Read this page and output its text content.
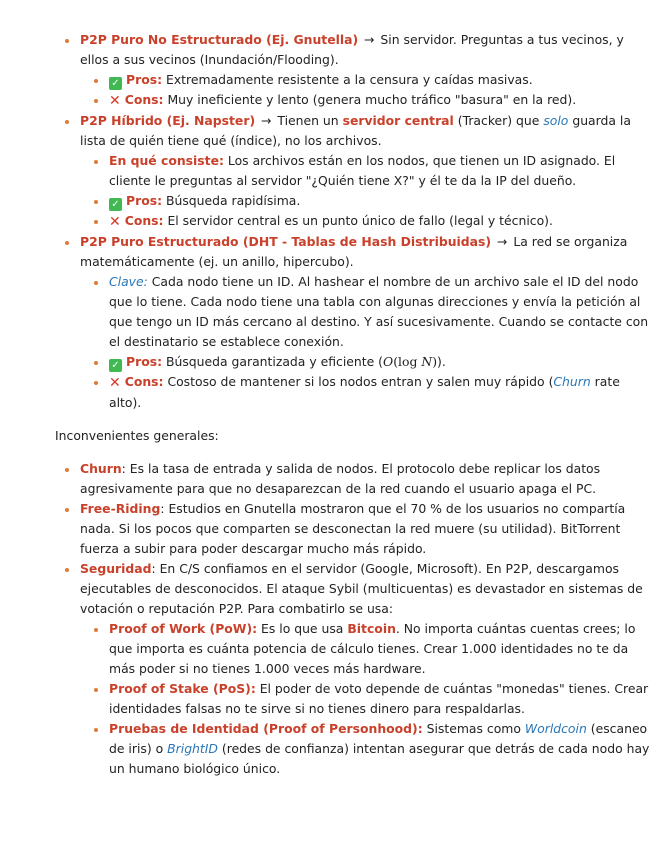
P2P Puro No Estructurado (Ej. Gnutella) → Sin servidor. Preguntas a tus vecinos, y ellos a sus vecinos (Inundación/Flooding).
✓ Pros: Extremadamente resistente a la censura y caídas masivas.
✕ Cons: Muy ineficiente y lento (genera mucho tráfico "basura" en la red).
P2P Híbrido (Ej. Napster) → Tienen un servidor central (Tracker) que solo guarda la lista de quién tiene qué (índice), no los archivos.
En qué consiste: Los archivos están en los nodos, que tienen un ID asignado. El cliente le preguntas al servidor "¿Quién tiene X?" y él te da la IP del dueño.
✓ Pros: Búsqueda rapidísima.
✕ Cons: El servidor central es un punto único de fallo (legal y técnico).
P2P Puro Estructurado (DHT - Tablas de Hash Distribuidas) → La red se organiza matemáticamente (ej. un anillo, hipercubo).
Clave: Cada nodo tiene un ID. Al hashear el nombre de un archivo sale el ID del nodo que lo tiene. Cada nodo tiene una tabla con algunas direcciones y envía la petición al que tengo un ID más cercano al destino. Y así sucesivamente. Cuando se contacte con el destinatario se establece conexión.
✓ Pros: Búsqueda garantizada y eficiente (O(log N)).
✕ Cons: Costoso de mantener si los nodos entran y salen muy rápido (Churn rate alto).
Inconvenientes generales:
Churn: Es la tasa de entrada y salida de nodos. El protocolo debe replicar los datos agresivamente para que no desaparezcan de la red cuando el usuario apaga el PC.
Free-Riding: Estudios en Gnutella mostraron que el 70 % de los usuarios no compartía nada. Si los pocos que comparten se desconectan la red muere (su utilidad). BitTorrent fuerza a subir para poder descargar mucho más rápido.
Seguridad: En C/S confiamos en el servidor (Google, Microsoft). En P2P, descargamos ejecutables de desconocidos. El ataque Sybil (multicuentas) es devastador en sistemas de votación o reputación P2P. Para combatirlo se usa:
Proof of Work (PoW): Es lo que usa Bitcoin. No importa cuántas cuentas crees; lo que importa es cuánta potencia de cálculo tienes. Crear 1.000 identidades no te da más poder si no tienes 1.000 veces más hardware.
Proof of Stake (PoS): El poder de voto depende de cuántas "monedas" tienes. Crear identidades falsas no te sirve si no tienes dinero para respaldarlas.
Pruebas de Identidad (Proof of Personhood): Sistemas como Worldcoin (escaneo de iris) o BrightID (redes de confianza) intentan asegurar que detrás de cada nodo hay un humano biológico único.
